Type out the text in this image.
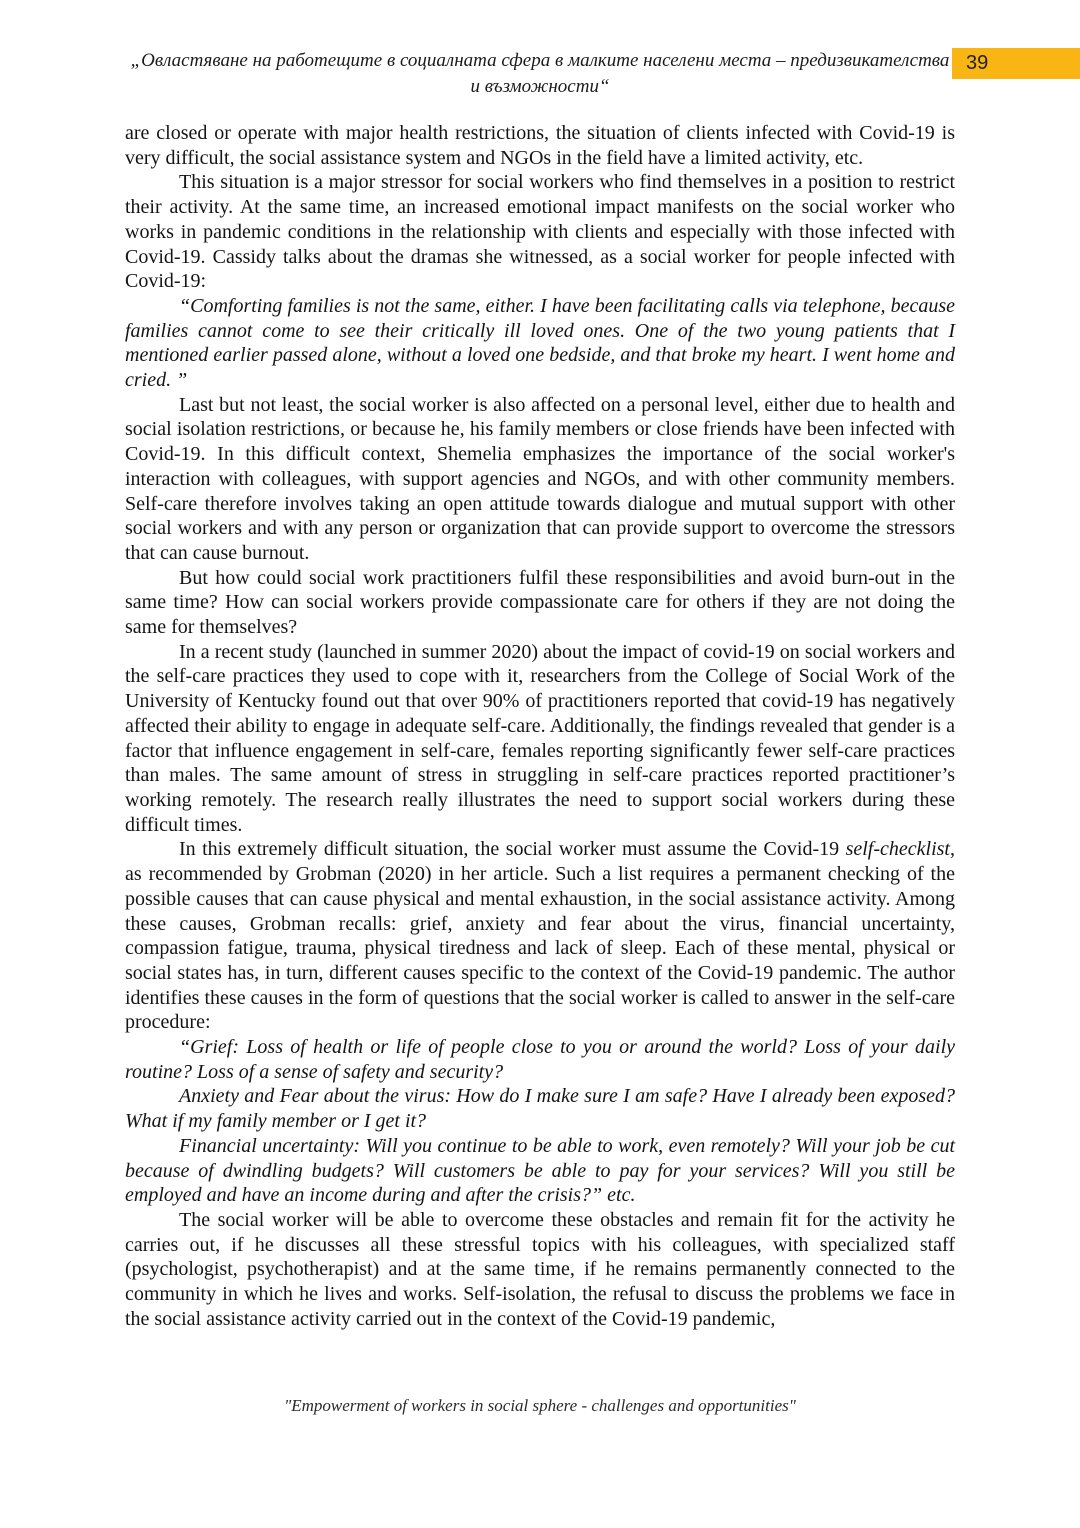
„Овластяване на работещите в социалната сфера в малките населени места – предизвикателства
и възможности“
39

are closed or operate with major health restrictions, the situation of clients infected with Covid-19 is very difficult, the social assistance system and NGOs in the field have a limited activity, etc.

This situation is a major stressor for social workers who find themselves in a position to restrict their activity. At the same time, an increased emotional impact manifests on the social worker who works in pandemic conditions in the relationship with clients and especially with those infected with Covid-19. Cassidy talks about the dramas she witnessed, as a social worker for people infected with Covid-19:

“Comforting families is not the same, either. I have been facilitating calls via telephone, because families cannot come to see their critically ill loved ones. One of the two young patients that I mentioned earlier passed alone, without a loved one bedside, and that broke my heart. I went home and cried. ”

Last but not least, the social worker is also affected on a personal level, either due to health and social isolation restrictions, or because he, his family members or close friends have been infected with Covid-19. In this difficult context, Shemelia emphasizes the importance of the social worker's interaction with colleagues, with support agencies and NGOs, and with other community members. Self-care therefore involves taking an open attitude towards dialogue and mutual support with other social workers and with any person or organization that can provide support to overcome the stressors that can cause burnout.

But how could social work practitioners fulfil these responsibilities and avoid burn-out in the same time? How can social workers provide compassionate care for others if they are not doing the same for themselves?

In a recent study (launched in summer 2020) about the impact of covid-19 on social workers and the self-care practices they used to cope with it, researchers from the College of Social Work of the University of Kentucky found out that over 90% of practitioners reported that covid-19 has negatively affected their ability to engage in adequate self-care. Additionally, the findings revealed that gender is a factor that influence engagement in self-care, females reporting significantly fewer self-care practices than males. The same amount of stress in struggling in self-care practices reported practitioner’s working remotely. The research really illustrates the need to support social workers during these difficult times.

In this extremely difficult situation, the social worker must assume the Covid-19 self-checklist, as recommended by Grobman (2020) in her article. Such a list requires a permanent checking of the possible causes that can cause physical and mental exhaustion, in the social assistance activity. Among these causes, Grobman recalls: grief, anxiety and fear about the virus, financial uncertainty, compassion fatigue, trauma, physical tiredness and lack of sleep. Each of these mental, physical or social states has, in turn, different causes specific to the context of the Covid-19 pandemic. The author identifies these causes in the form of questions that the social worker is called to answer in the self-care procedure:

“Grief: Loss of health or life of people close to you or around the world? Loss of your daily routine? Loss of a sense of safety and security?

Anxiety and Fear about the virus: How do I make sure I am safe? Have I already been exposed? What if my family member or I get it?

Financial uncertainty: Will you continue to be able to work, even remotely? Will your job be cut because of dwindling budgets? Will customers be able to pay for your services? Will you still be employed and have an income during and after the crisis?” etc.

The social worker will be able to overcome these obstacles and remain fit for the activity he carries out, if he discusses all these stressful topics with his colleagues, with specialized staff (psychologist, psychotherapist) and at the same time, if he remains permanently connected to the community in which he lives and works. Self-isolation, the refusal to discuss the problems we face in the social assistance activity carried out in the context of the Covid-19 pandemic,

"Empowerment of workers in social sphere - challenges and opportunities"
